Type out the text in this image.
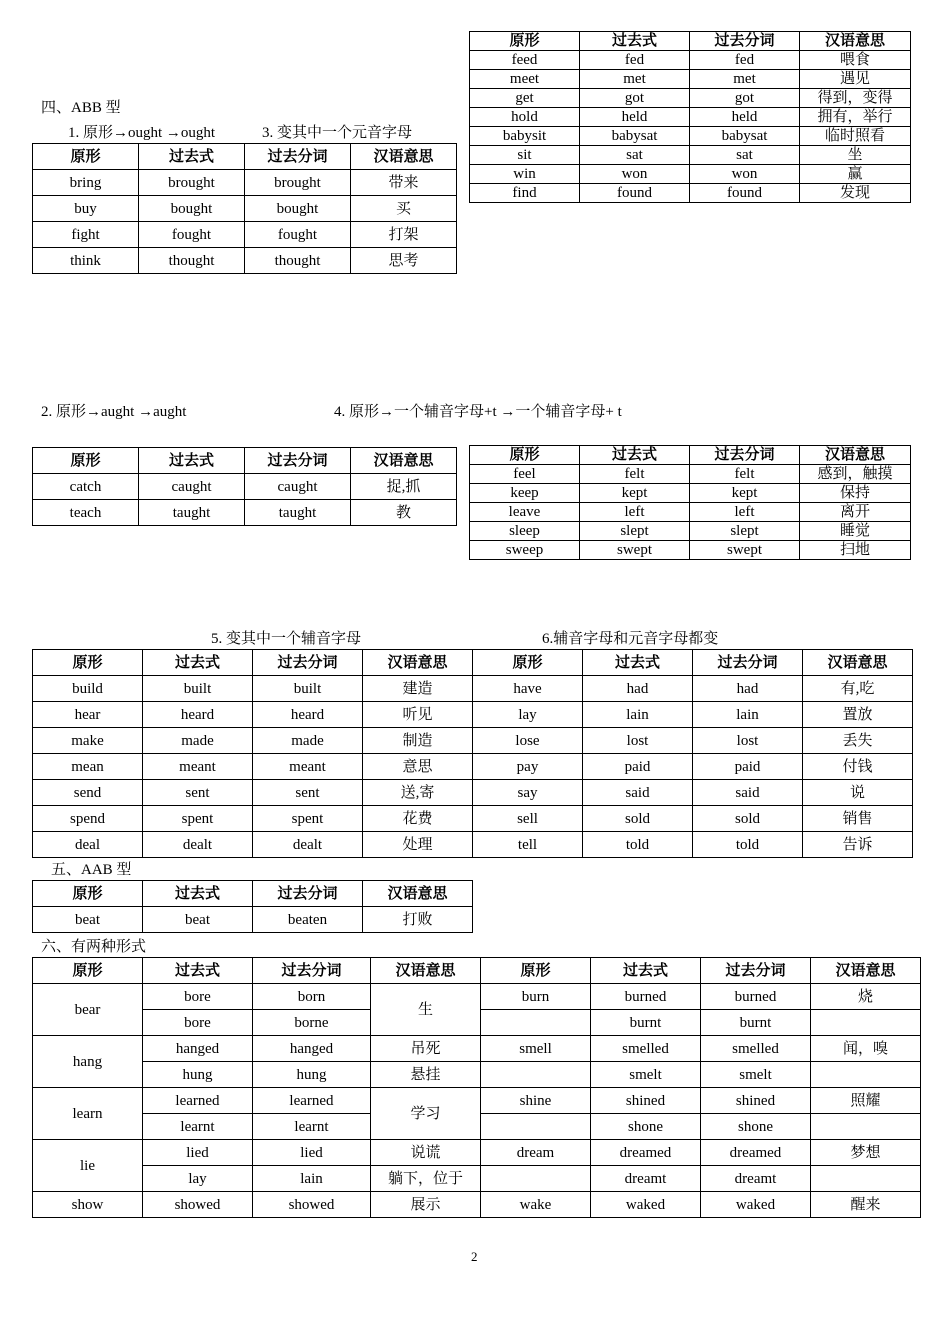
四、ABB 型
1. 原形→ought →ought	3. 变其中一个元音字母
2. 原形→aught →aught	4. 原形→一个辅音字母+t →一个辅音字母+ t
5. 变其中一个辅音字母	6.辅音字母和元音字母都变
五、AAB 型
六、有两种形式
2
原形	过去式	过去分词	汉语意思
feed	fed	fed	喂食
meet	met	met	遇见
get	got	got	得到，变得
hold	held	held	拥有，举行
babysit	babysat	babysat	临时照看
sit	sat	sat	坐
win	won	won	赢
find	found	found	发现
原形	过去式	过去分词	汉语意思
bring	brought	brought	带来
buy	bought	bought	买
fight	fought	fought	打架
think	thought	thought	思考
原形	过去式	过去分词	汉语意思
catch	caught	caught	捉,抓
teach	taught	taught	教
原形	过去式	过去分词	汉语意思
feel	felt	felt	感到，触摸
keep	kept	kept	保持
leave	left	left	离开
sleep	slept	slept	睡觉
sweep	swept	swept	扫地
原形	过去式	过去分词	汉语意思	原形	过去式	过去分词	汉语意思
build	built	built	建造	have	had	had	有,吃
hear	heard	heard	听见	lay	lain	lain	置放
make	made	made	制造	lose	lost	lost	丢失
mean	meant	meant	意思	pay	paid	paid	付钱
send	sent	sent	送,寄	say	said	said	说
spend	spent	spent	花费	sell	sold	sold	销售
deal	dealt	dealt	处理	tell	told	told	告诉
原形	过去式	过去分词	汉语意思
beat	beat	beaten	打败
原形	过去式	过去分词	汉语意思	原形	过去式	过去分词	汉语意思
bear	bore	born	生	burn	burned	burned	烧
	bore	borne			burnt	burnt	
hang	hanged	hanged	吊死	smell	smelled	smelled	闻，嗅
	hung	hung	悬挂		smelt	smelt	
learn	learned	learned	学习	shine	shined	shined	照耀
	learnt	learnt			shone	shone	
lie	lied	lied	说谎	dream	dreamed	dreamed	梦想
	lay	lain	躺下，位于		dreamt	dreamt	
show	showed	showed	展示	wake	waked	waked	醒来
